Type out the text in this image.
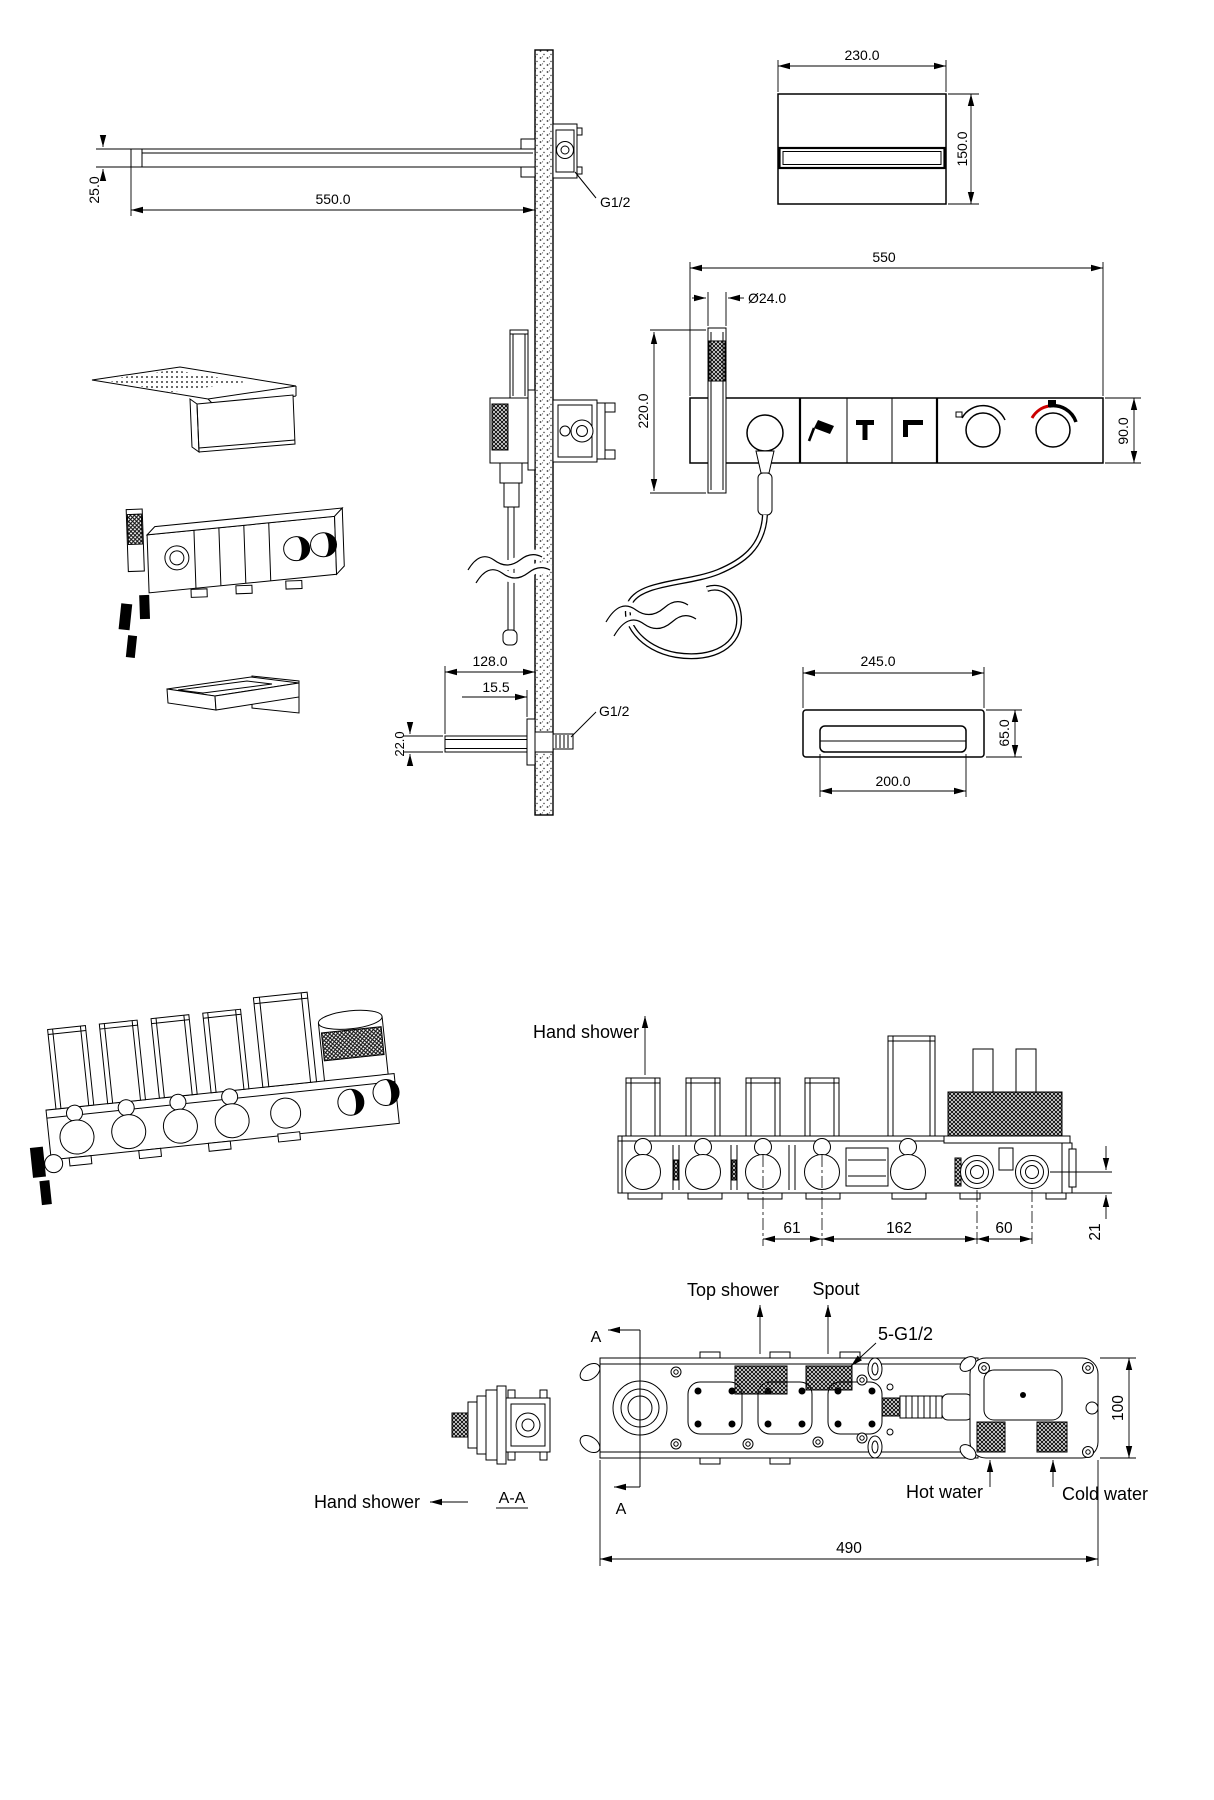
G1/2
550.0
25.0
230.0
150.0
550
Ø24.0
220.0
90.0
G1/2
128.0
15.5
22.0
245.0
65.0
200.0
Hand shower
61	162	60	21
A
A
Top shower Spout
5-G1/2
Hot water	Cold water
100
490
Hand shower	A-A
